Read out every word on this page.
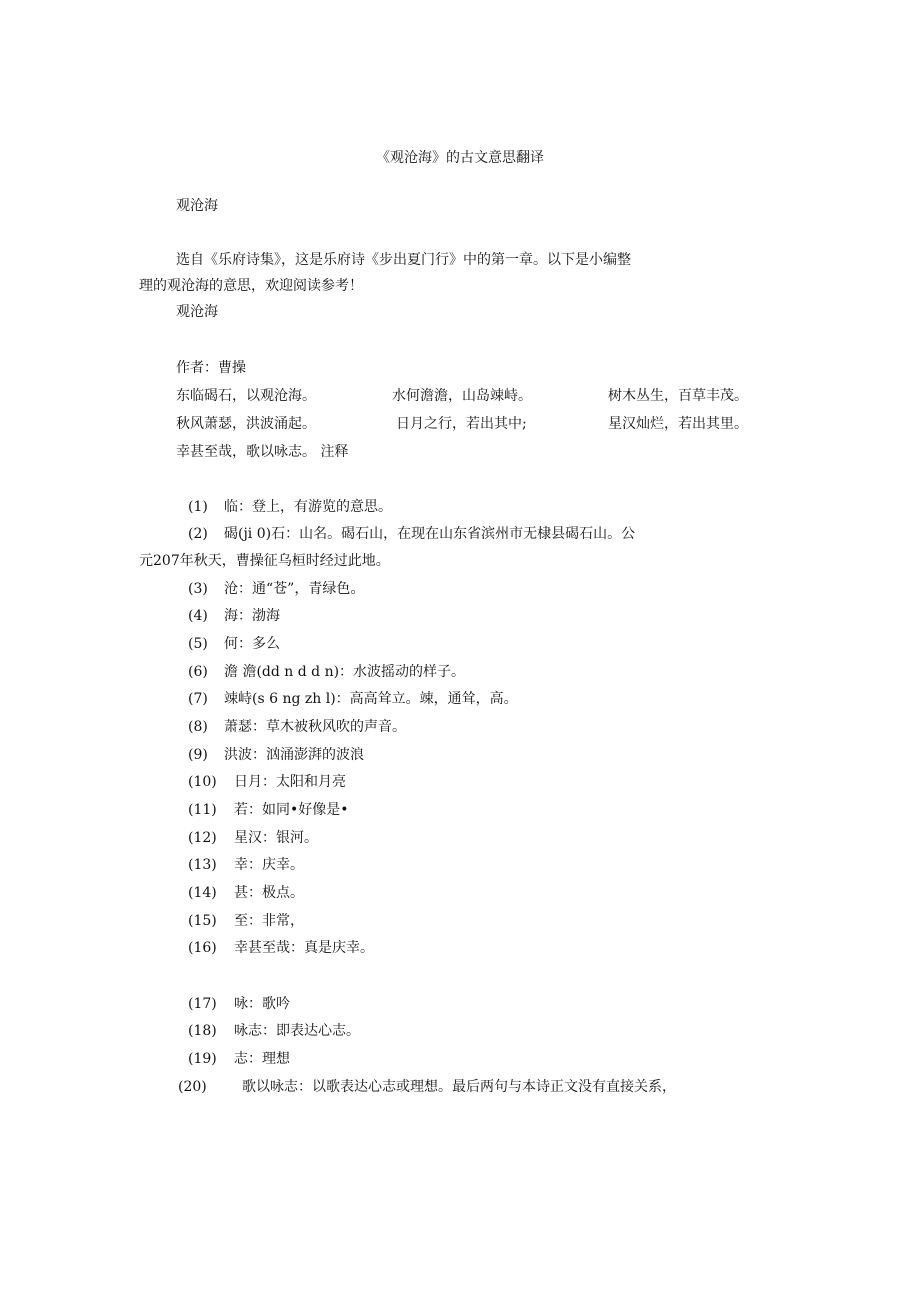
《观沧海》的古文意思翻译
观沧海
选自《乐府诗集》，这是乐府诗《步出夏门行》中的第一章。以下是小编整
理的观沧海的意思，欢迎阅读参考！
观沧海
作者：曹操
东临碣石，以观沧海。	水何澹澹，山岛竦峙。	树木丛生，百草丰茂。
秋风萧瑟，洪波涌起。	日月之行，若出其中;	星汉灿烂，若出其里。
幸甚至哉，歌以咏志。 注释
(1) 临：登上，有游览的意思。
(2) 碣(ji 0)石：山名。碣石山，在现在山东省滨州市无棣县碣石山。公
元207年秋天，曹操征乌桓时经过此地。
(3) 沧：通“苍”，青绿色。
(4) 海：渤海
(5) 何：多么
(6) 澹 澹(dd n d d n)：水波摇动的样子。
(7) 竦峙(s 6 ng zh l)：高高耸立。竦，通耸，高。
(8) 萧瑟：草木被秋风吹的声音。
(9) 洪波：汹涌澎湃的波浪
(10) 日月：太阳和月亮
(11) 若：如同•好像是•
(12) 星汉：银河。
(13) 幸：庆幸。
(14) 甚：极点。
(15) 至：非常，
(16) 幸甚至哉：真是庆幸。
(17) 咏：歌吟
(18) 咏志：即表达心志。
(19) 志：理想
(20)	歌以咏志：以歌表达心志或理想。最后两句与本诗正文没有直接关系，
